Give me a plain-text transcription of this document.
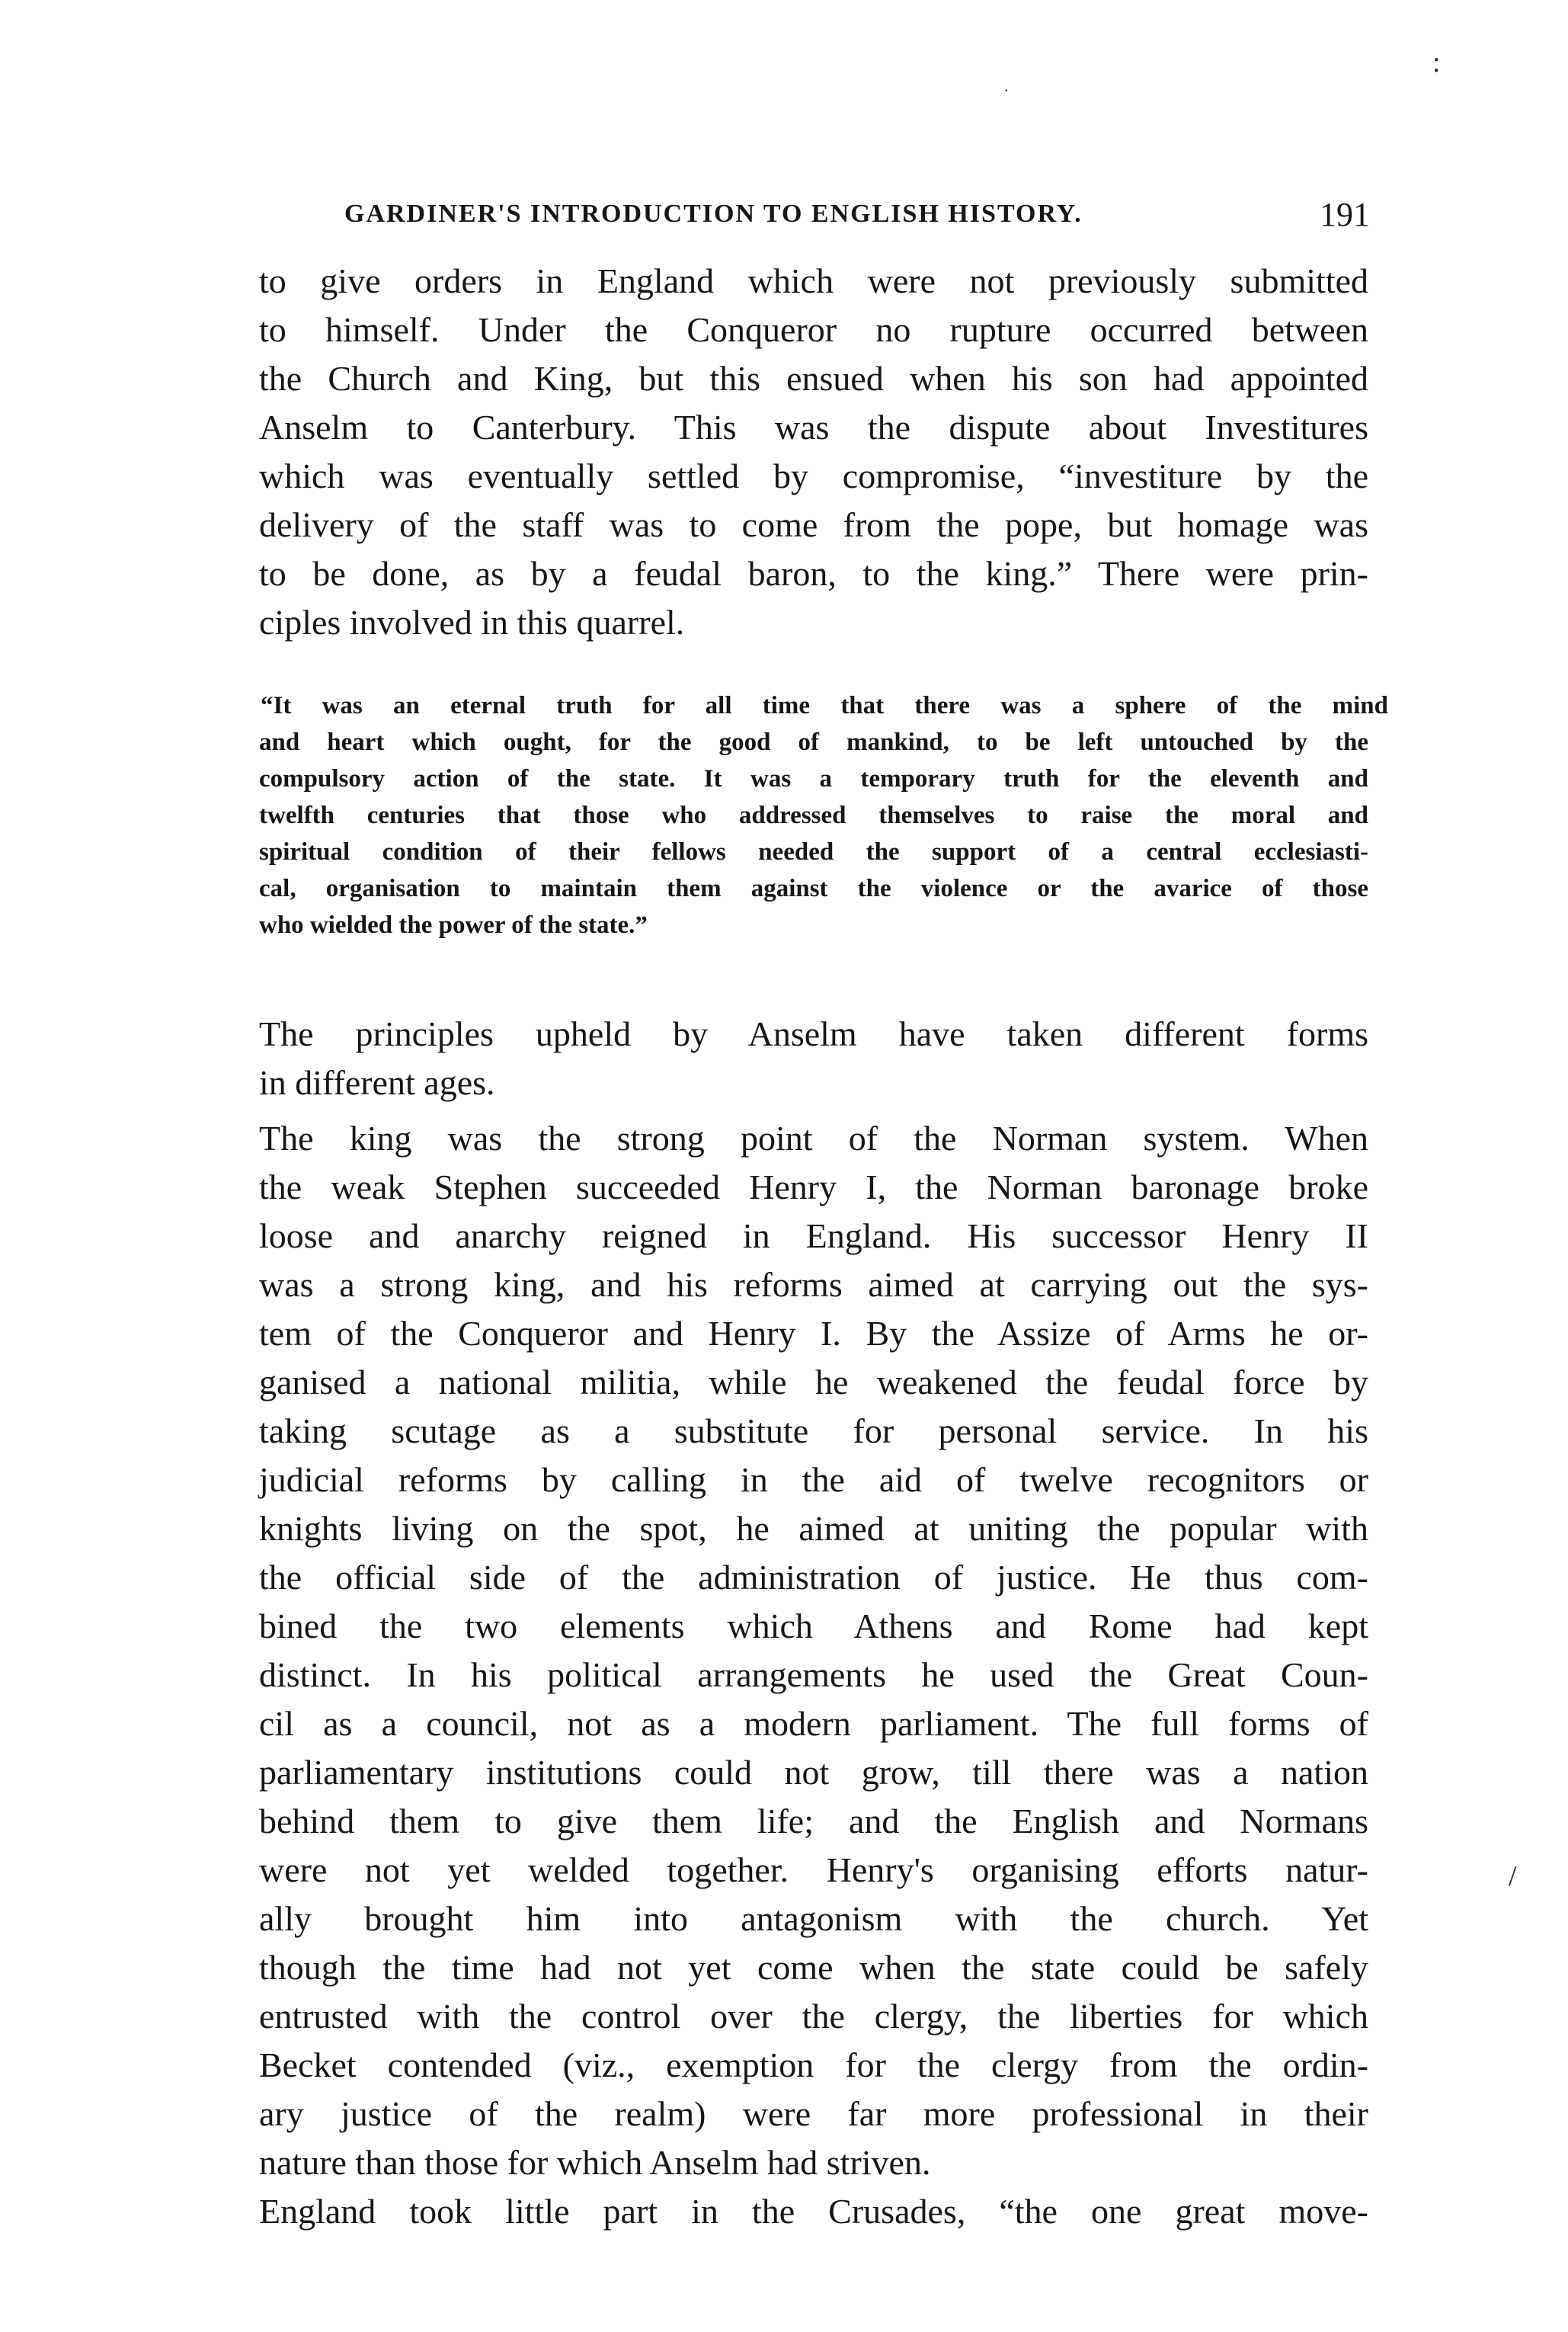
GARDINER'S INTRODUCTION TO ENGLISH HISTORY.	191
to give orders in England which were not previously submitted
to himself. Under the Conqueror no rupture occurred between
the Church and King, but this ensued when his son had appointed
Anselm to Canterbury. This was the dispute about Investitures
which was eventually settled by compromise, “investiture by the
delivery of the staff was to come from the pope, but homage was
to be done, as by a feudal baron, to the king.” There were prin-
ciples involved in this quarrel.
“It was an eternal truth for all time that there was a sphere of the mind
and heart which ought, for the good of mankind, to be left untouched by the
compulsory action of the state. It was a temporary truth for the eleventh and
twelfth centuries that those who addressed themselves to raise the moral and
spiritual condition of their fellows needed the support of a central ecclesiasti-
cal, organisation to maintain them against the violence or the avarice of those
who wielded the power of the state.”
The principles upheld by Anselm have taken different forms
in different ages.
The king was the strong point of the Norman system. When
the weak Stephen succeeded Henry I, the Norman baronage broke
loose and anarchy reigned in England. His successor Henry II
was a strong king, and his reforms aimed at carrying out the sys-
tem of the Conqueror and Henry I. By the Assize of Arms he or-
ganised a national militia, while he weakened the feudal force by
taking scutage as a substitute for personal service. In his
judicial reforms by calling in the aid of twelve recognitors or
knights living on the spot, he aimed at uniting the popular with
the official side of the administration of justice. He thus com-
bined the two elements which Athens and Rome had kept
distinct. In his political arrangements he used the Great Coun-
cil as a council, not as a modern parliament. The full forms of
parliamentary institutions could not grow, till there was a nation
behind them to give them life; and the English and Normans
were not yet welded together. Henry's organising efforts natur-
ally brought him into antagonism with the church. Yet
though the time had not yet come when the state could be safely
entrusted with the control over the clergy, the liberties for which
Becket contended (viz., exemption for the clergy from the ordin-
ary justice of the realm) were far more professional in their
nature than those for which Anselm had striven.
England took little part in the Crusades, “the one great move-
:
.
/
